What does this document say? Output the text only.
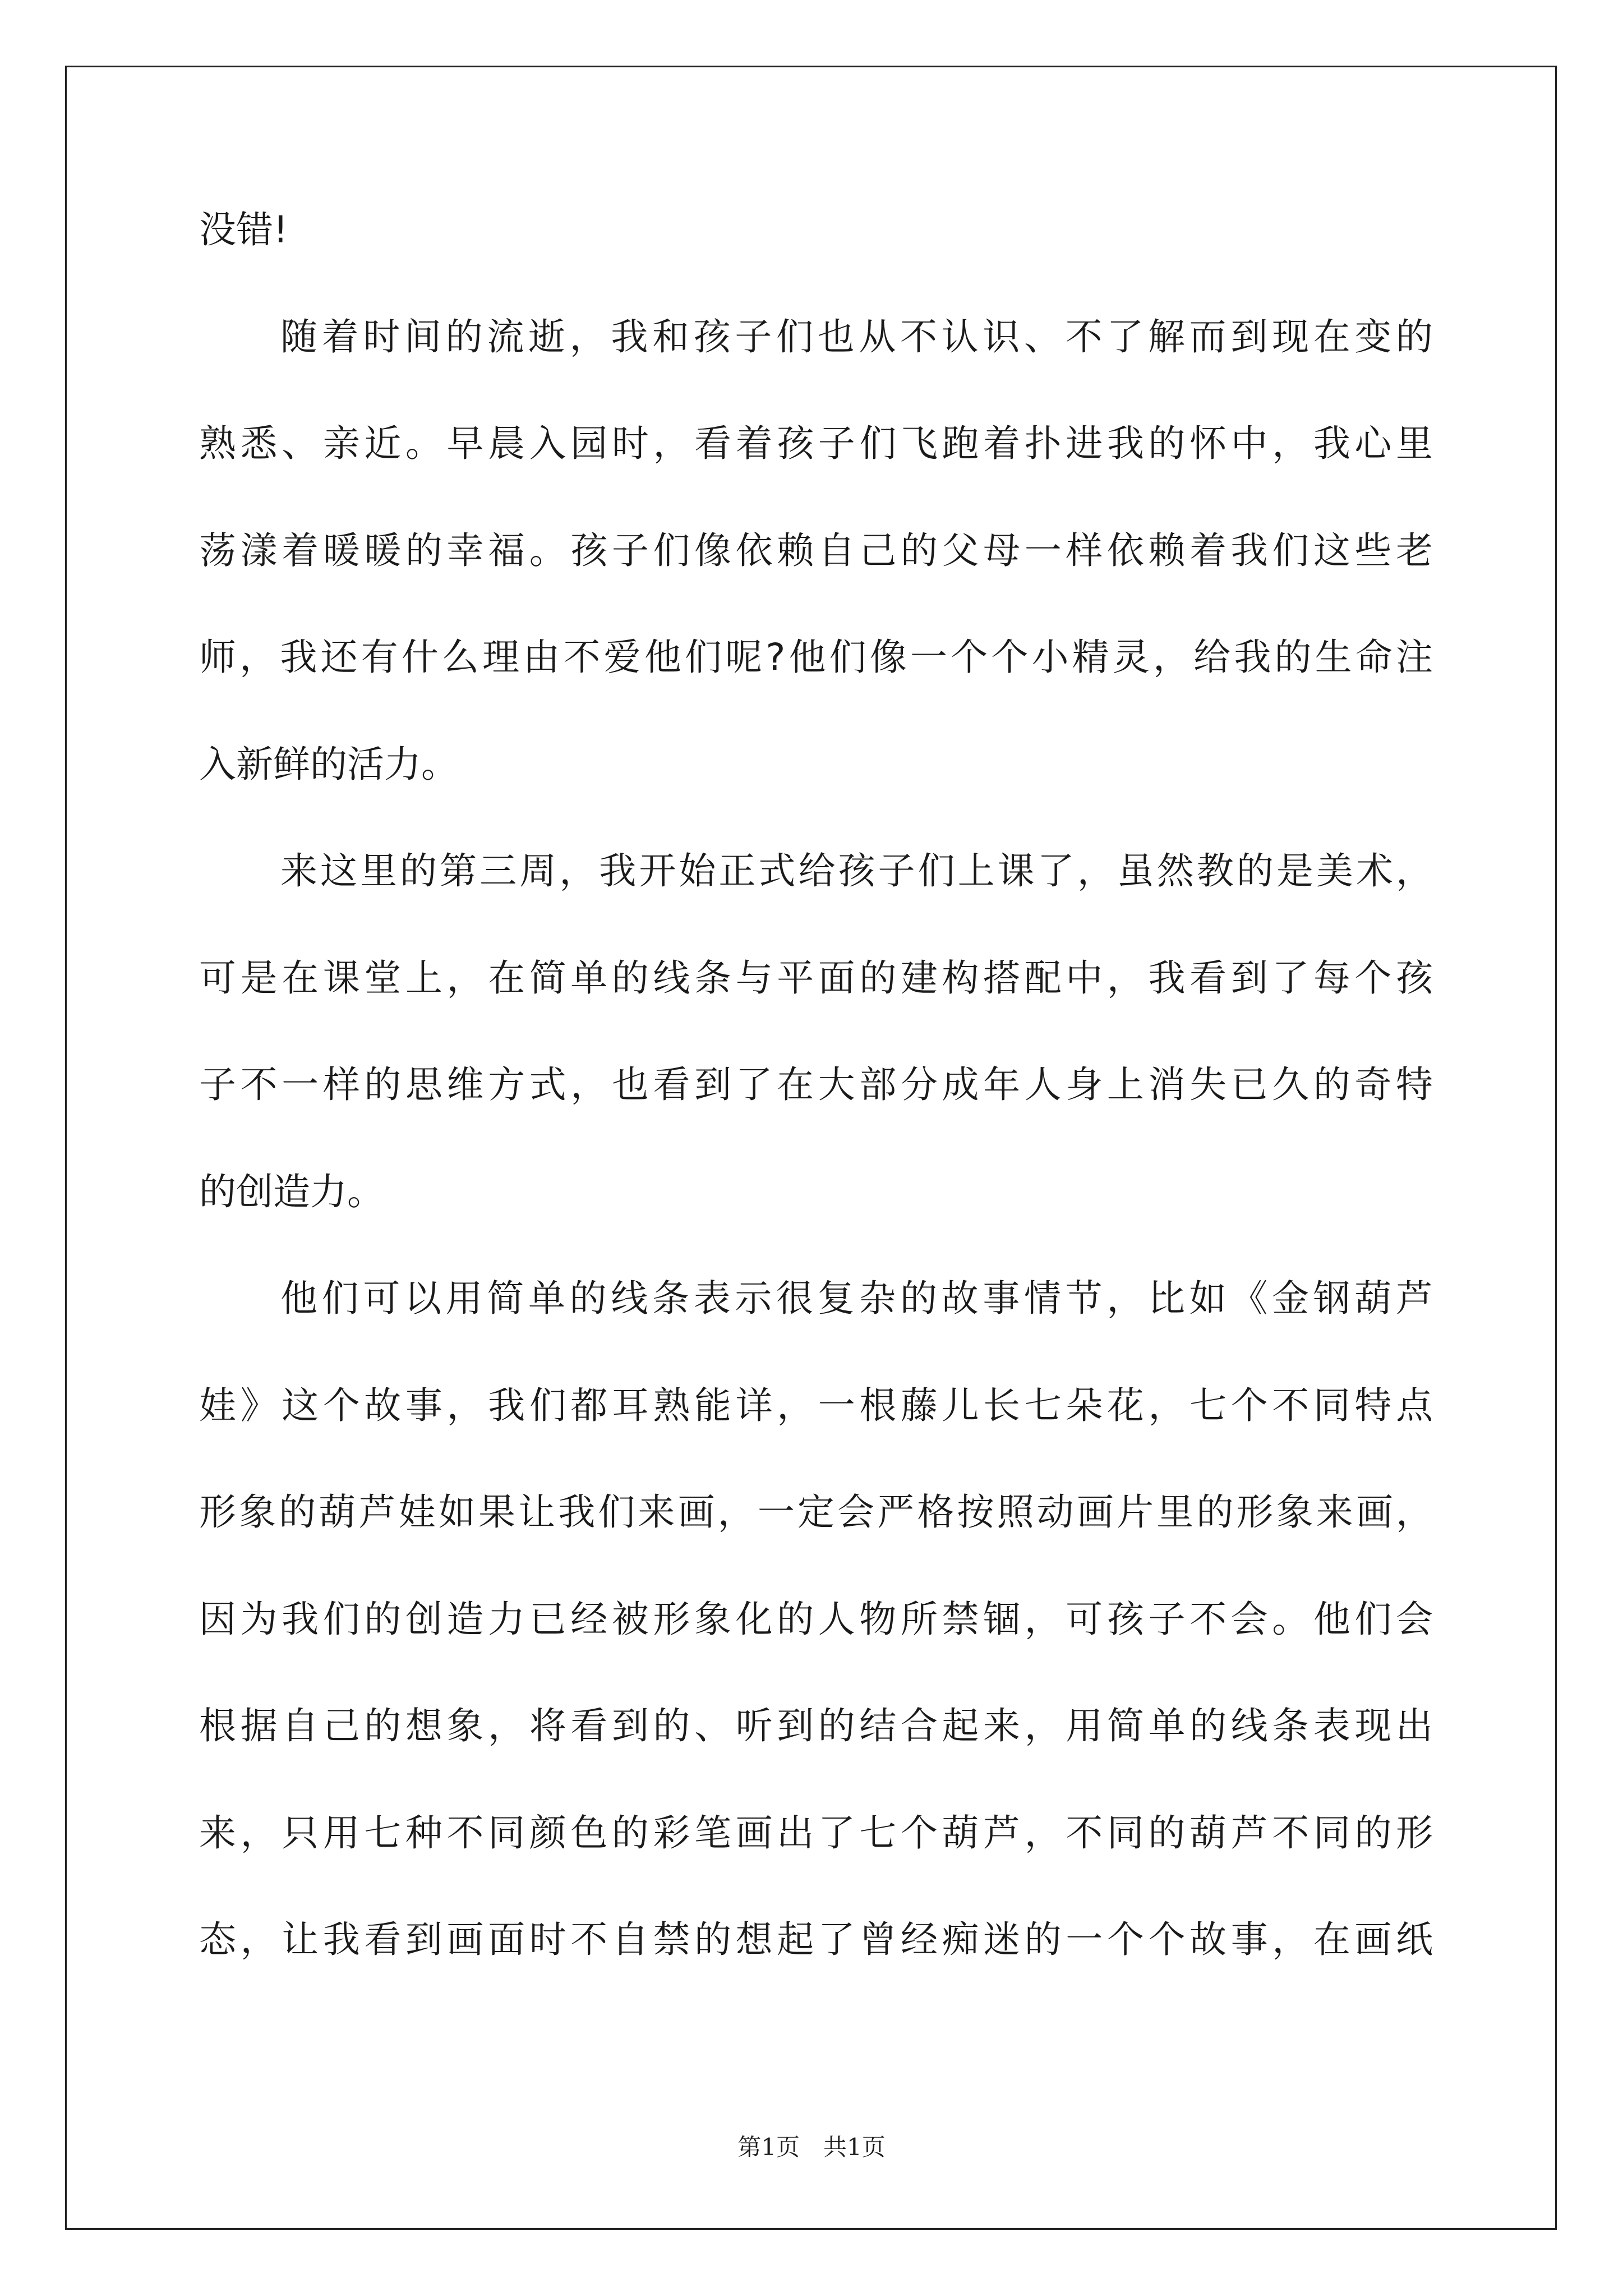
没错!
随着时间的流逝，我和孩子们也从不认识、不了解而到现在变的
熟悉、亲近。早晨入园时，看着孩子们飞跑着扑进我的怀中，我心里
荡漾着暖暖的幸福。孩子们像依赖自己的父母一样依赖着我们这些老
师，我还有什么理由不爱他们呢?他们像一个个小精灵，给我的生命注
入新鲜的活力。
来这里的第三周，我开始正式给孩子们上课了，虽然教的是美术，
可是在课堂上，在简单的线条与平面的建构搭配中，我看到了每个孩
子不一样的思维方式，也看到了在大部分成年人身上消失已久的奇特
的创造力。
他们可以用简单的线条表示很复杂的故事情节，比如《金钢葫芦
娃》这个故事，我们都耳熟能详，一根藤儿长七朵花，七个不同特点
形象的葫芦娃如果让我们来画，一定会严格按照动画片里的形象来画，
因为我们的创造力已经被形象化的人物所禁锢，可孩子不会。他们会
根据自己的想象，将看到的、听到的结合起来，用简单的线条表现出
来，只用七种不同颜色的彩笔画出了七个葫芦，不同的葫芦不同的形
态，让我看到画面时不自禁的想起了曾经痴迷的一个个故事，在画纸
第1页　共1页
